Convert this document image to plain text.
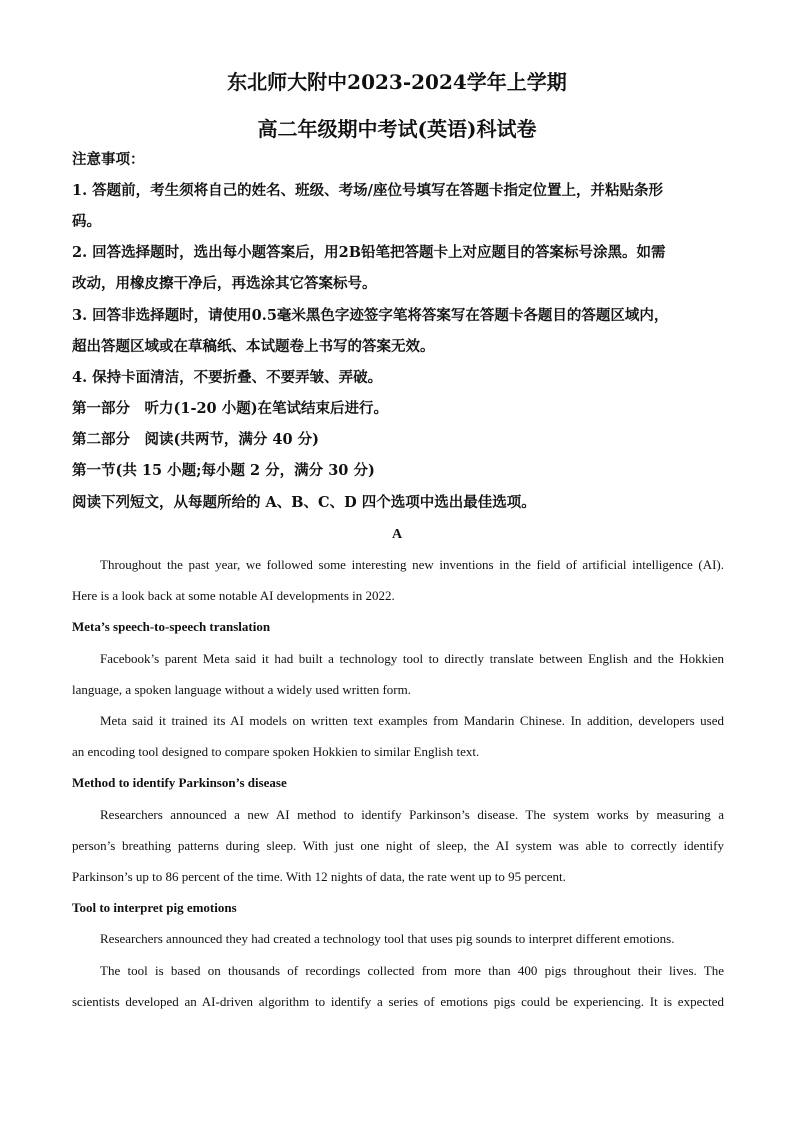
东北师大附中2023-2024学年上学期
高二年级期中考试(英语)科试卷
注意事项：
1. 答题前，考生须将自己的姓名、班级、考场/座位号填写在答题卡指定位置上，并粘贴条形
码。
2. 回答选择题时，选出每小题答案后，用2B铅笔把答题卡上对应题目的答案标号涂黑。如需
改动，用橡皮擦干净后，再选涂其它答案标号。
3. 回答非选择题时，请使用0.5毫米黑色字迹签字笔将答案写在答题卡各题目的答题区域内，
超出答题区域或在草稿纸、本试题卷上书写的答案无效。
4. 保持卡面清洁，不要折叠、不要弄皱、弄破。
第一部分　听力(1-20 小题)在笔试结束后进行。
第二部分　阅读(共两节，满分 40 分)
第一节(共 15 小题;每小题 2 分，满分 30 分)
阅读下列短文，从每题所给的 A、B、C、D 四个选项中选出最佳选项。
A
Throughout the past year, we followed some interesting new inventions in the field of artificial intelligence (AI).
Here is a look back at some notable AI developments in 2022.
Meta’s speech-to-speech translation
Facebook’s parent Meta said it had built a technology tool to directly translate between English and the Hokkien
language, a spoken language without a widely used written form.
Meta said it trained its AI models on written text examples from Mandarin Chinese. In addition, developers used
an encoding tool designed to compare spoken Hokkien to similar English text.
Method to identify Parkinson’s disease
Researchers announced a new AI method to identify Parkinson’s disease. The system works by measuring a
person’s breathing patterns during sleep. With just one night of sleep, the AI system was able to correctly identify
Parkinson’s up to 86 percent of the time. With 12 nights of data, the rate went up to 95 percent.
Tool to interpret pig emotions
Researchers announced they had created a technology tool that uses pig sounds to interpret different emotions.
The tool is based on thousands of recordings collected from more than 400 pigs throughout their lives. The
scientists developed an AI-driven algorithm to identify a series of emotions pigs could be experiencing. It is expected
